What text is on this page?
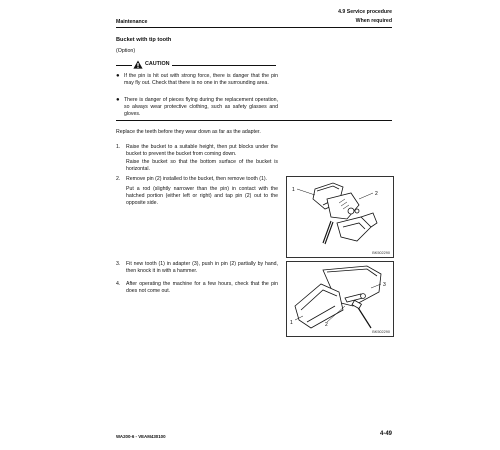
Maintenance
4.9 Service procedure
When required
Bucket with tip tooth
(Option)
CAUTION
● If the pin is hit out with strong force, there is danger that the pin may fly out. Check that there is no one in the surrounding area.
● There is danger of pieces flying during the replacement operation, so always wear protective clothing, such as safety glasses and gloves.
Replace the teeth before they wear down as far as the adapter.
1. Raise the bucket to a suitable height, then put blocks under the bucket to prevent the bucket from coming down.
Raise the bucket so that the bottom surface of the bucket is horizontal.
2. Remove pin (2) installed to the bucket, then remove tooth (1).
Put a rod (slightly narrower than the pin) in contact with the hatched portion (either left or right) and tap pin (2) out to the opposite side.
3. Fit new tooth (1) in adapter (3), push in pin (2) partially by hand, then knock it in with a hammer.
4. After operating the machine for a few hours, check that the pin does not come out.
1
2
BK502290
3
1	2
BK502290
WA200-6 - VEAM430100	4-49
